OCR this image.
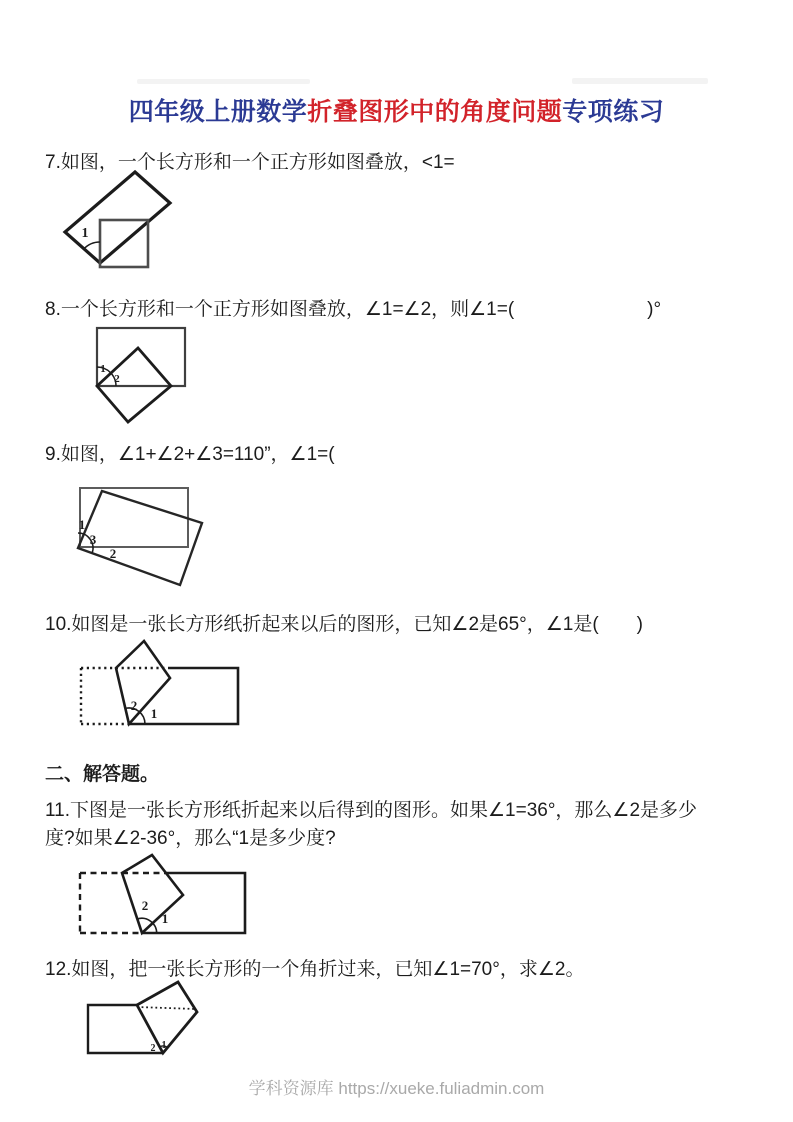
四年级上册数学折叠图形中的角度问题专项练习

7.如图，一个长方形和一个正方形如图叠放，<1=

1

8.一个长方形和一个正方形如图叠放，∠1=∠2，则∠1=(　　　　　　　)°

1
2

9.如图，∠1+∠2+∠3=110”，∠1=(

1
3
2

10.如图是一张长方形纸折起来以后的图形，已知∠2是65°，∠1是(　　)

2
1

二、解答题。

11.下图是一张长方形纸折起来以后得到的图形。如果∠1=36°，那么∠2是多少
度?如果∠2-36°，那么“1是多少度?

2
1

12.如图，把一张长方形的一个角折过来，已知∠1=70°，求∠2。

2 1

学科资源库 https://xueke.fuliadmin.com
